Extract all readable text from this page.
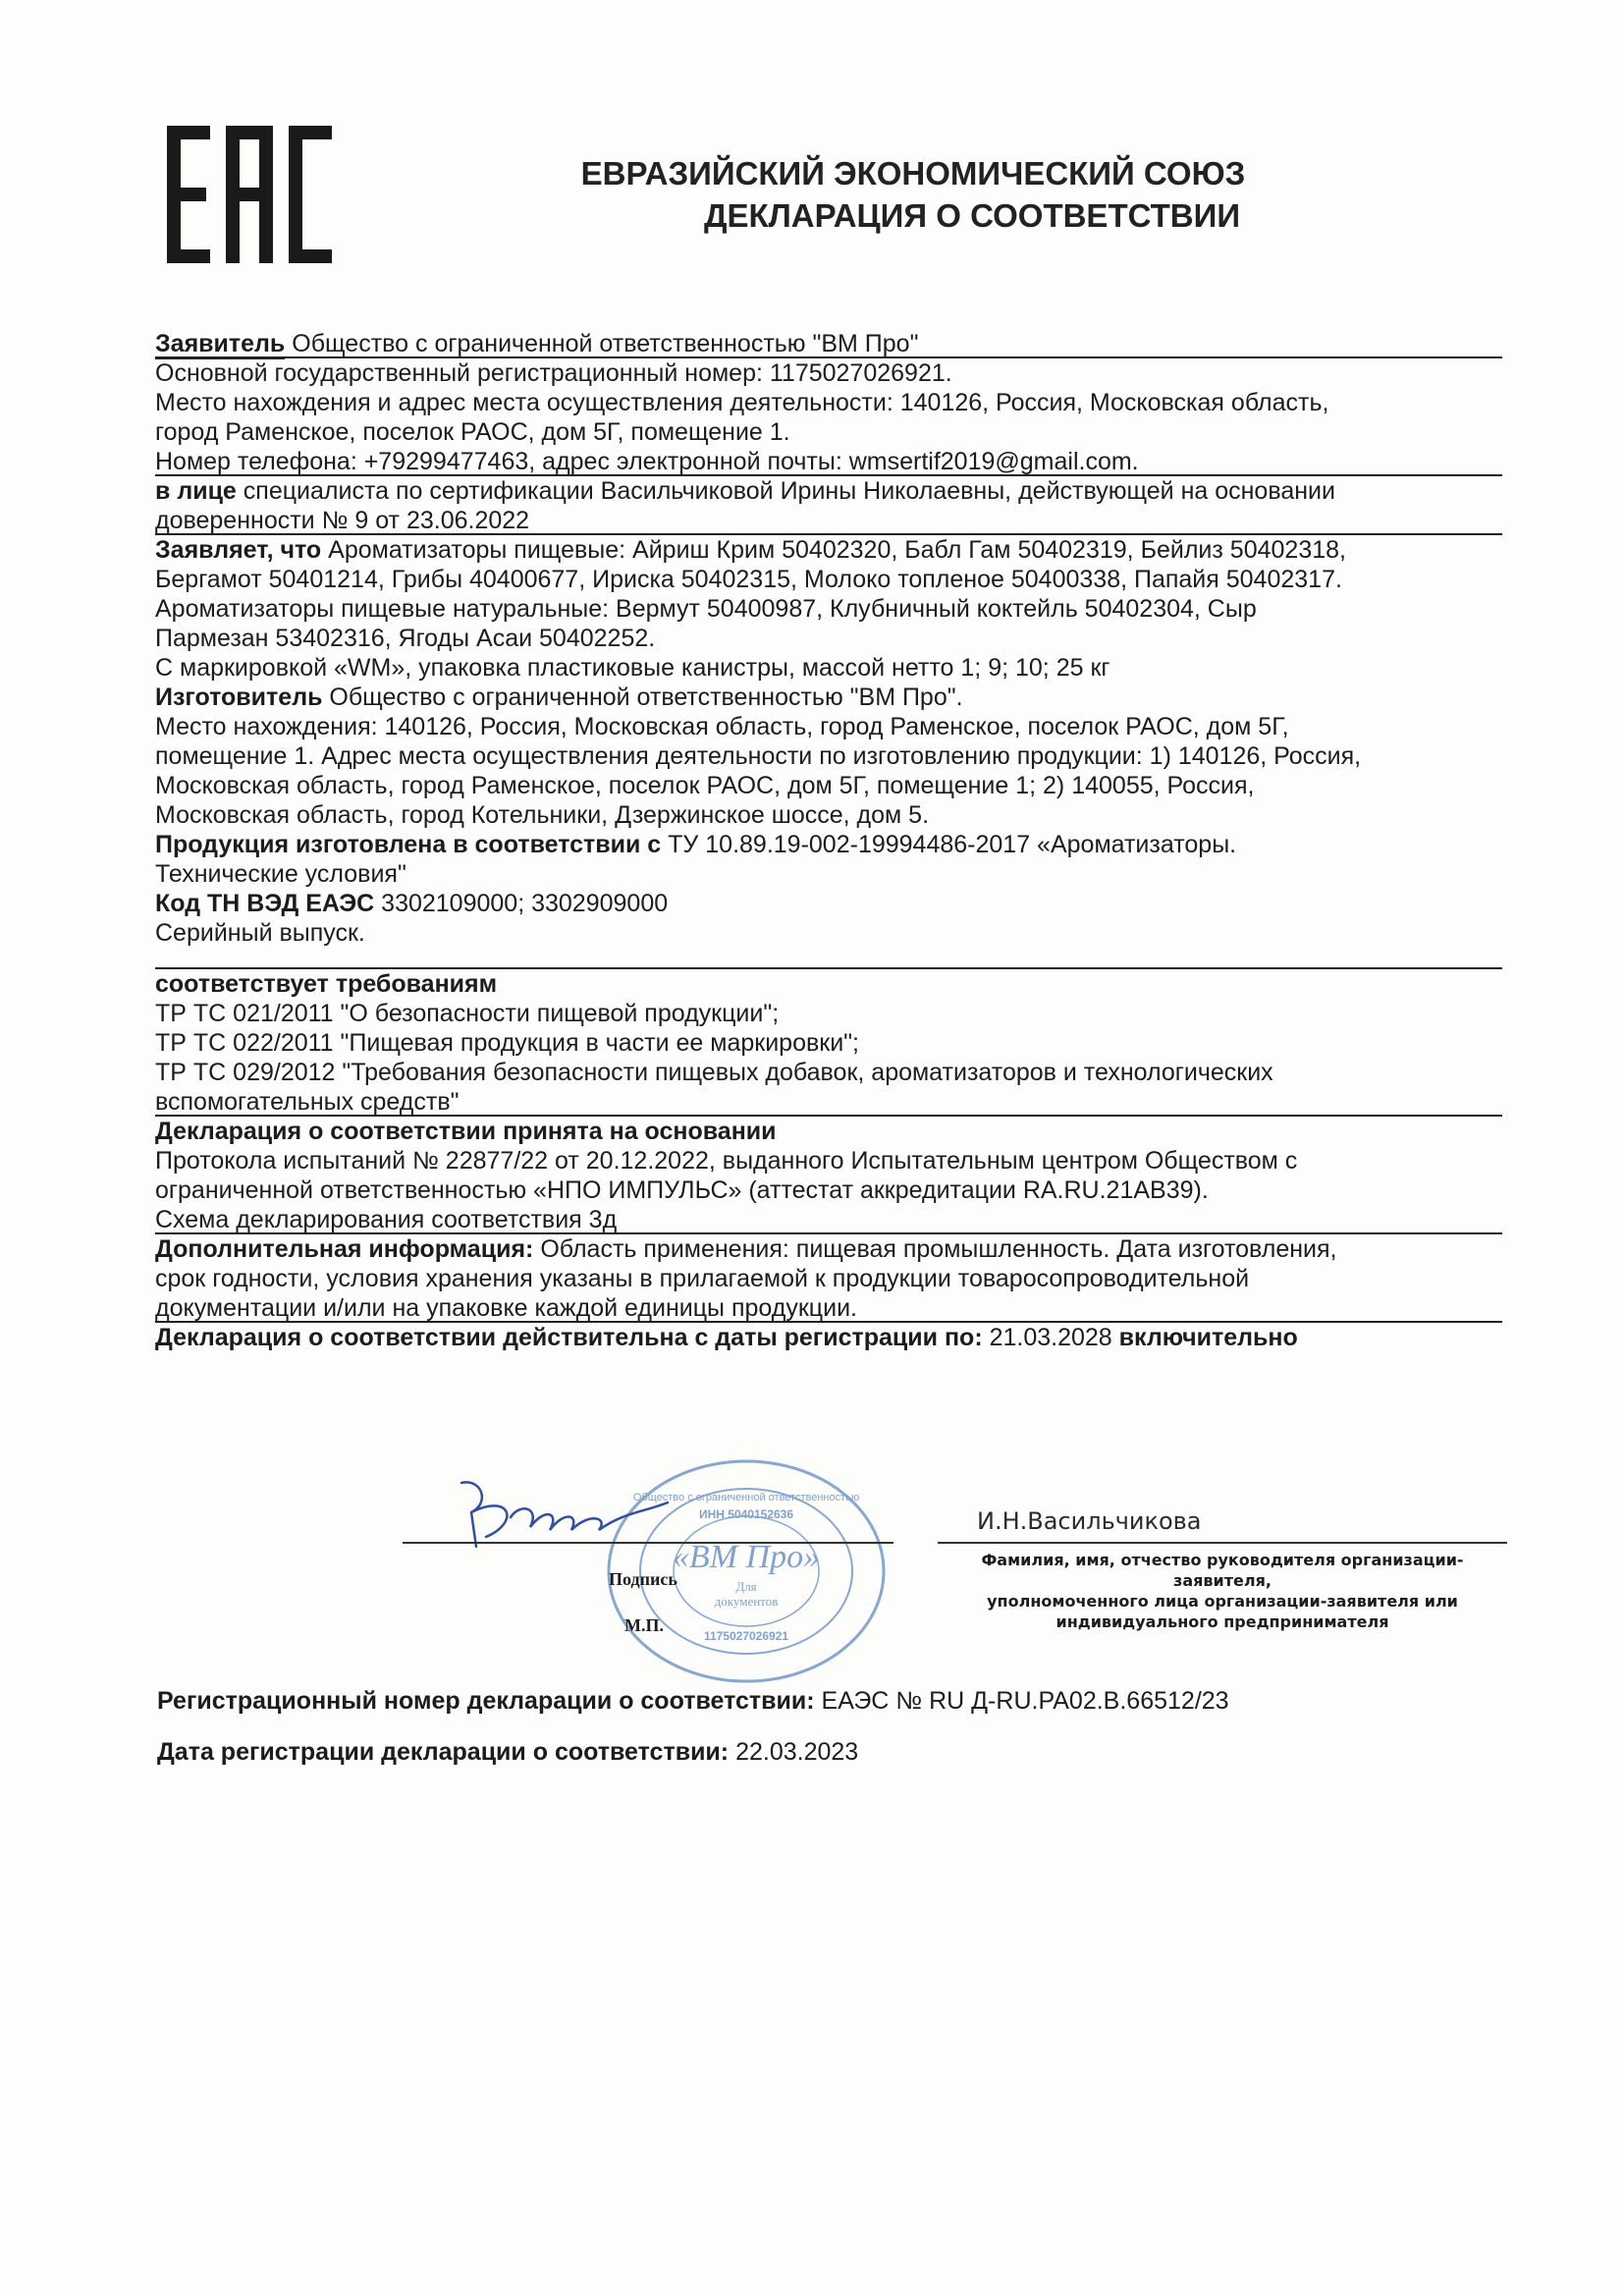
ЕВРАЗИЙСКИЙ ЭКОНОМИЧЕСКИЙ СОЮЗ
ДЕКЛАРАЦИЯ О СООТВЕТСТВИИ
Заявитель Общество с ограниченной ответственностью "ВМ Про"
Основной государственный регистрационный номер: 1175027026921.
Место нахождения и адрес места осуществления деятельности: 140126, Россия, Московская область,
город Раменское, поселок РАОС, дом 5Г, помещение 1.
Номер телефона: +79299477463, адрес электронной почты: wmsertif2019@gmail.com.
в лице специалиста по сертификации Васильчиковой Ирины Николаевны, действующей на основании
доверенности № 9 от 23.06.2022
Заявляет, что Ароматизаторы пищевые: Айриш Крим 50402320, Бабл Гам 50402319, Бейлиз 50402318,
Бергамот 50401214, Грибы 40400677, Ириска 50402315, Молоко топленое 50400338, Папайя 50402317.
Ароматизаторы пищевые натуральные: Вермут 50400987, Клубничный коктейль 50402304, Сыр
Пармезан 53402316, Ягоды Асаи 50402252.
С маркировкой «WM», упаковка пластиковые канистры, массой нетто 1; 9; 10; 25 кг
Изготовитель Общество с ограниченной ответственностью "ВМ Про".
Место нахождения: 140126, Россия, Московская область, город Раменское, поселок РАОС, дом 5Г,
помещение 1. Адрес места осуществления деятельности по изготовлению продукции: 1) 140126, Россия,
Московская область, город Раменское, поселок РАОС, дом 5Г, помещение 1; 2) 140055, Россия,
Московская область, город Котельники, Дзержинское шоссе, дом 5.
Продукция изготовлена в соответствии с ТУ 10.89.19-002-19994486-2017 «Ароматизаторы.
Технические условия"
Код ТН ВЭД ЕАЭС 3302109000; 3302909000
Серийный выпуск.
соответствует требованиям
ТР ТС 021/2011 "О безопасности пищевой продукции";
ТР ТС 022/2011 "Пищевая продукция в части ее маркировки";
ТР ТС 029/2012 "Требования безопасности пищевых добавок, ароматизаторов и технологических
вспомогательных средств"
Декларация о соответствии принята на основании
Протокола испытаний № 22877/22 от 20.12.2022, выданного Испытательным центром Обществом с
ограниченной ответственностью «НПО ИМПУЛЬС» (аттестат аккредитации RA.RU.21АВ39).
Схема декларирования соответствия 3д
Дополнительная информация: Область применения: пищевая промышленность. Дата изготовления,
срок годности, условия хранения указаны в прилагаемой к продукции товаросопроводительной
документации и/или на упаковке каждой единицы продукции.
Декларация о соответствии действительна с даты регистрации по: 21.03.2028 включительно
«ВМ Про»
Для
документов
Общество с ограниченной ответственностью
ИНН 5040152636
1175027026921
И.Н.Васильчикова
Подпись
М.П.
Фамилия, имя, отчество руководителя организации-заявителя,
уполномоченного лица организации-заявителя или
индивидуального предпринимателя
Регистрационный номер декларации о соответствии: ЕАЭС № RU Д-RU.PA02.B.66512/23
Дата регистрации декларации о соответствии: 22.03.2023
